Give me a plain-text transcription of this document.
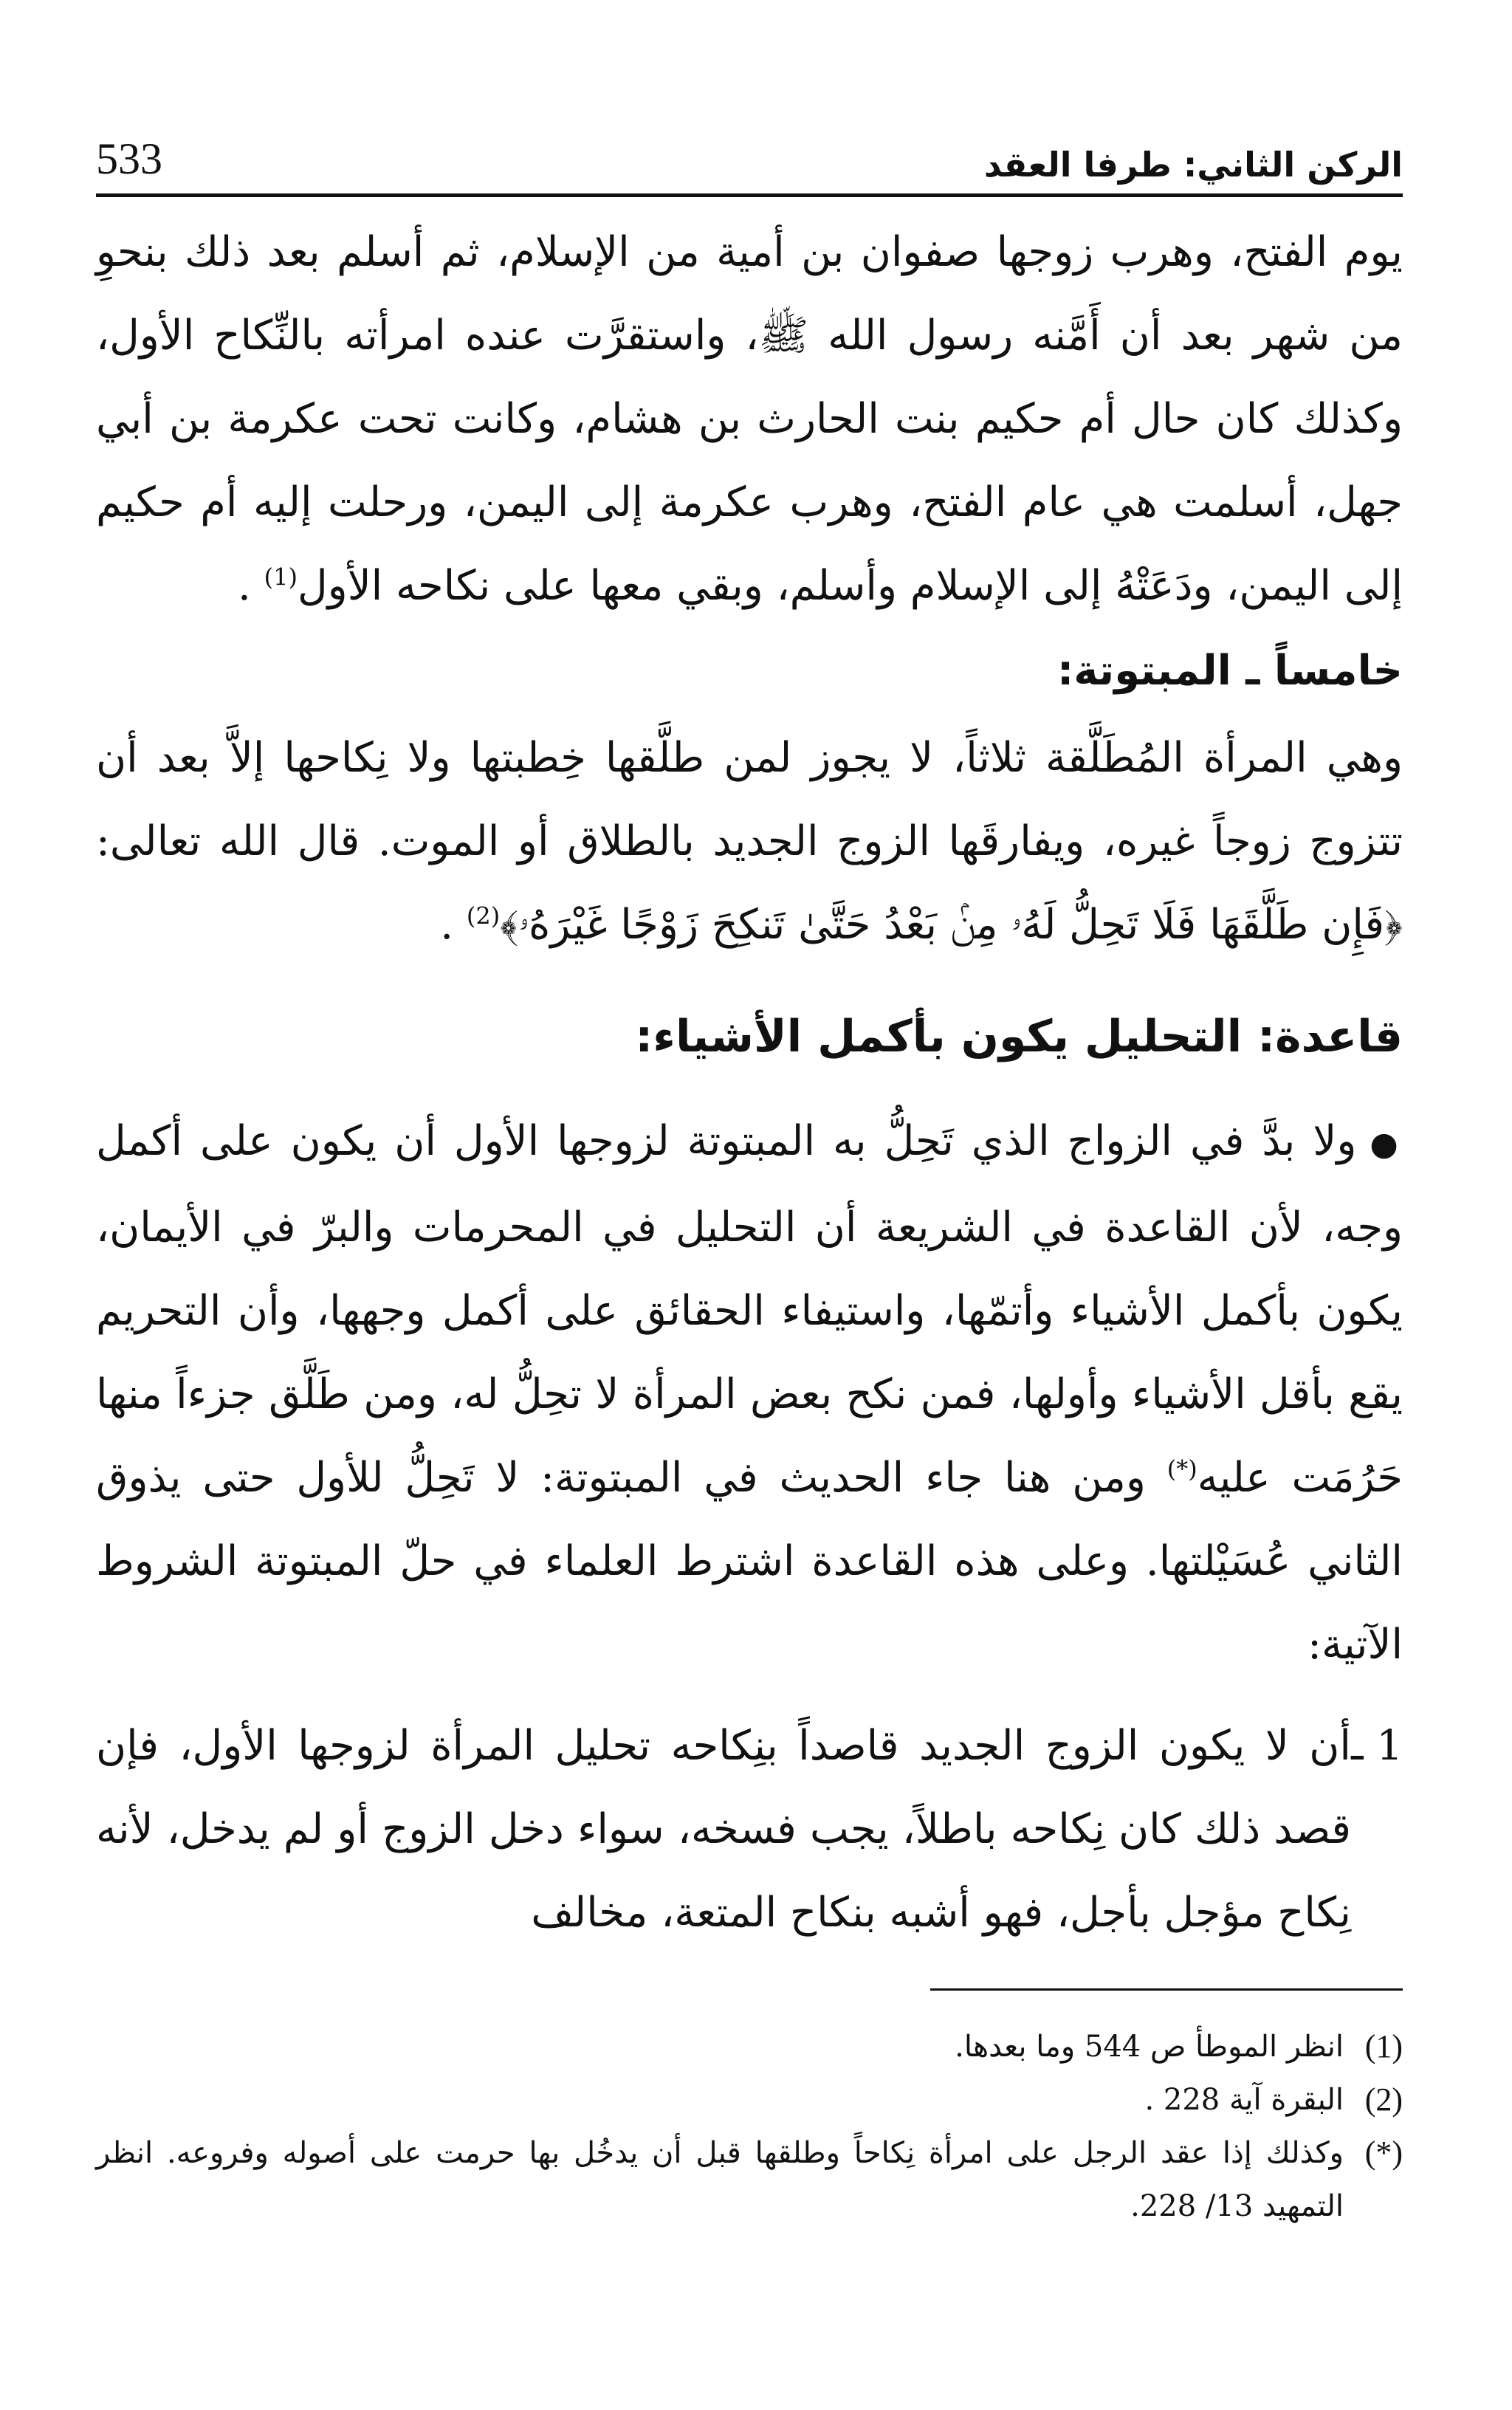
الركن الثاني: طرفا العقد
533

يوم الفتح، وهرب زوجها صفوان بن أمية من الإسلام، ثم أسلم بعد ذلك بنحوِ من شهر بعد أن أَمَّنه رسول الله ﷺ، واستقرَّت عنده امرأته بالنِّكاح الأول، وكذلك كان حال أم حكيم بنت الحارث بن هشام، وكانت تحت عكرمة بن أبي جهل، أسلمت هي عام الفتح، وهرب عكرمة إلى اليمن، ورحلت إليه أم حكيم إلى اليمن، ودَعَتْهُ إلى الإسلام وأسلم، وبقي معها على نكاحه الأول$^{(1)}$ .

خامساً ـ المبتوتة:

وهي المرأة المُطَلَّقة ثلاثاً، لا يجوز لمن طلَّقها خِطبتها ولا نِكاحها إلاَّ بعد أن تتزوج زوجاً غيره، ويفارقَها الزوج الجديد بالطلاق أو الموت. قال الله تعالى: ﴿فَإِن طَلَّقَهَا فَلَا تَحِلُّ لَهُۥ مِنۢ بَعْدُ حَتَّىٰ تَنكِحَ زَوْجًا غَيْرَهُۥ﴾$^{(2)}$ .

قاعدة: التحليل يكون بأكمل الأشياء:

●ولا بدَّ في الزواج الذي تَحِلُّ به المبتوتة لزوجها الأول أن يكون على أكمل وجه، لأن القاعدة في الشريعة أن التحليل في المحرمات والبرّ في الأيمان، يكون بأكمل الأشياء وأتمّها، واستيفاء الحقائق على أكمل وجهها، وأن التحريم يقع بأقل الأشياء وأولها، فمن نكح بعض المرأة لا تحِلُّ له، ومن طَلَّق جزءاً منها حَرُمَت عليه(*) ومن هنا جاء الحديث في المبتوتة: لا تَحِلُّ للأول حتى يذوق الثاني عُسَيْلتها. وعلى هذه القاعدة اشترط العلماء في حلّ المبتوتة الشروط الآتية:

1 ـ

أن لا يكون الزوج الجديد قاصداً بنِكاحه تحليل المرأة لزوجها الأول، فإن قصد ذلك كان نِكاحه باطلاً، يجب فسخه، سواء دخل الزوج أو لم يدخل، لأنه نِكاح مؤجل بأجل، فهو أشبه بنكاح المتعة، مخالف

(1)
انظر الموطأ ص 544 وما بعدها.
(2)
البقرة آية 228 .
(*)
وكذلك إذا عقد الرجل على امرأة نِكاحاً وطلقها قبل أن يدخُل بها حرمت على أصوله وفروعه. انظر التمهيد 13/ 228.
